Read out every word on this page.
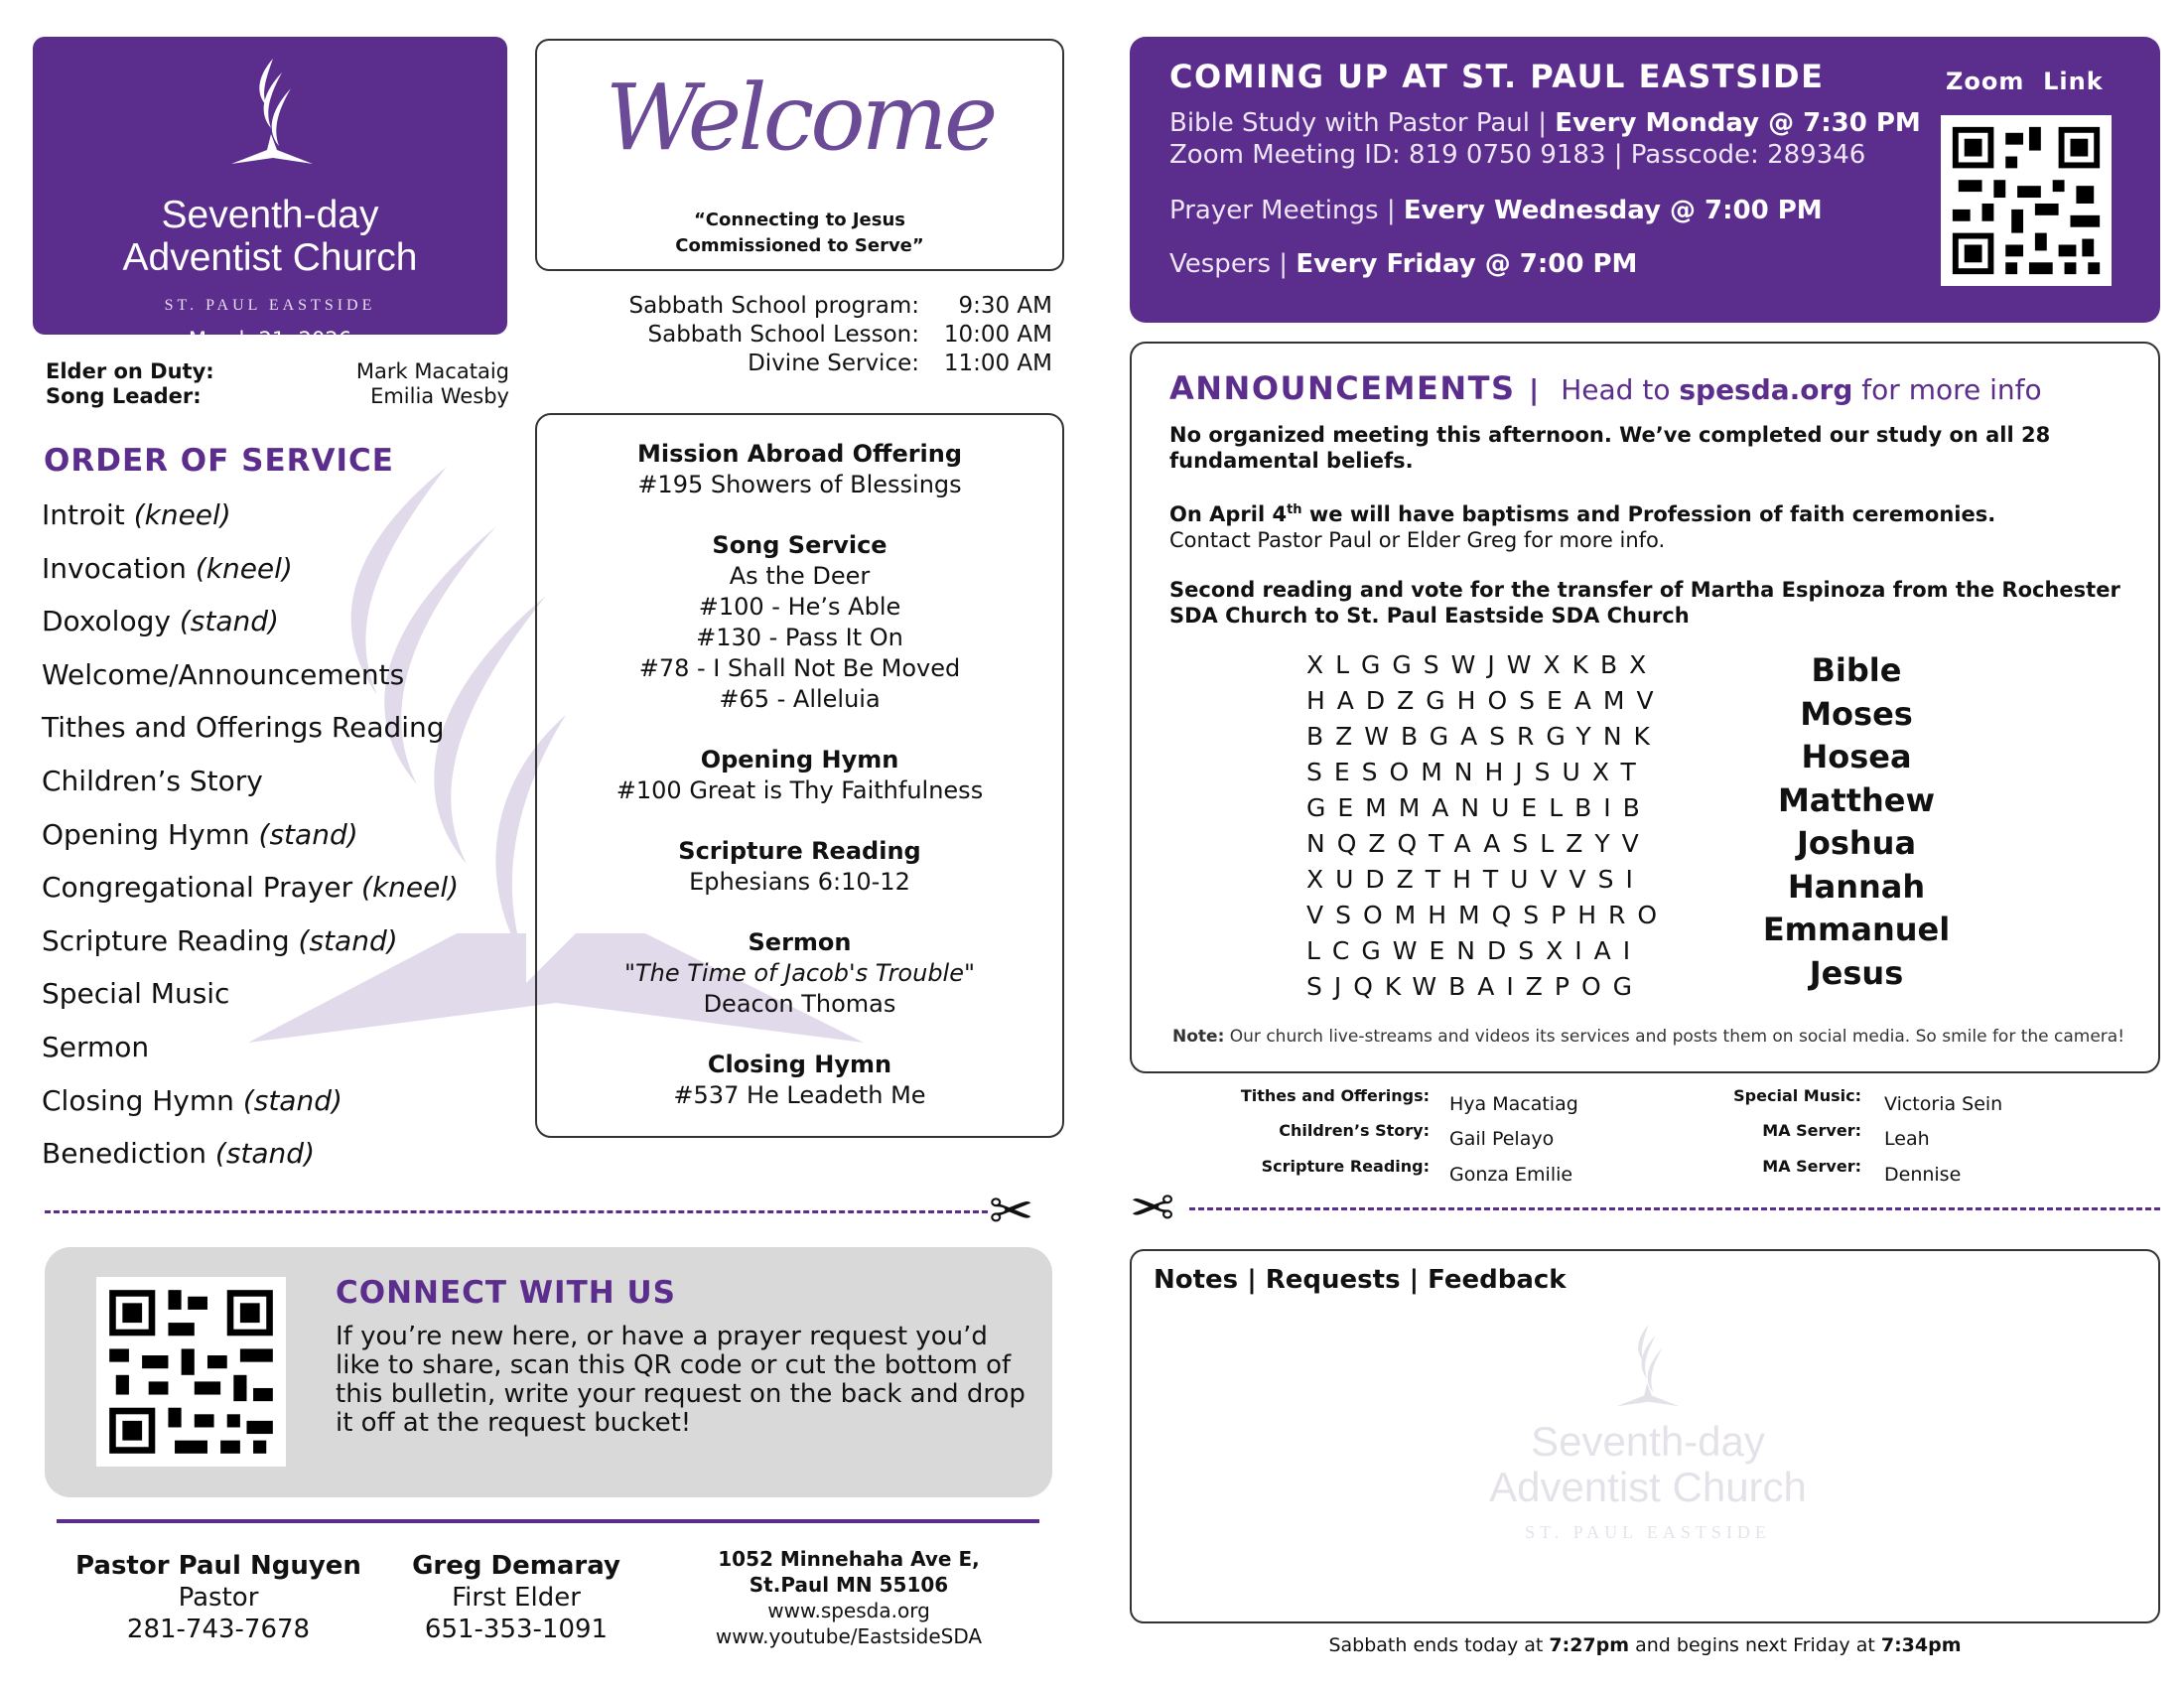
Seventh-day
Adventist Church
ST. PAUL EASTSIDE
March 21, 2026
Welcome
“Connecting to Jesus
Commissioned to Serve”
Sabbath School program:	9:30 AM
Sabbath School Lesson:	10:00 AM
Divine Service:	11:00 AM
Elder on Duty:	Mark Macataig
Song Leader:	Emilia Wesby
ORDER OF SERVICE
Introit (kneel)
Invocation (kneel)
Doxology (stand)
Welcome/Announcements
Tithes and Offerings Reading
Children’s Story
Opening Hymn (stand)
Congregational Prayer (kneel)
Scripture Reading (stand)
Special Music
Sermon
Closing Hymn (stand)
Benediction (stand)
Mission Abroad Offering
#195 Showers of Blessings
Song Service
As the Deer
#100 - He’s Able
#130 - Pass It On
#78 - I Shall Not Be Moved
#65 - Alleluia
Opening Hymn
#100 Great is Thy Faithfulness
Scripture Reading
Ephesians 6:10-12
Sermon
"The Time of Jacob's Trouble"
Deacon Thomas
Closing Hymn
#537 He Leadeth Me
✂
CONNECT WITH US
If you’re new here, or have a prayer request you’d like to share, scan this QR code or cut the bottom of this bulletin, write your request on the back and drop it off at the request bucket!
Pastor Paul Nguyen
Pastor
281-743-7678
Greg Demaray
First Elder
651-353-1091
1052 Minnehaha Ave E,
St.Paul MN 55106
www.spesda.org
www.youtube/EastsideSDA
COMING UP AT ST. PAUL EASTSIDE
Bible Study with Pastor Paul | Every Monday @ 7:30 PM
Zoom Meeting ID: 819 0750 9183 | Passcode: 289346
Prayer Meetings | Every Wednesday @ 7:00 PM
Vespers | Every Friday @ 7:00 PM
Zoom  Link
ANNOUNCEMENTS | Head to spesda.org for more info
No organized meeting this afternoon. We’ve completed our study on all 28 fundamental beliefs.
On April 4th we will have baptisms and Profession of faith ceremonies.
Contact Pastor Paul or Elder Greg for more info.
Second reading and vote for the transfer of Martha Espinoza from the Rochester SDA Church to St. Paul Eastside SDA Church
XLGGSWJWXKBX
HADZGHOSEAMV
BZWBGASRGYNK
SESOMNHJSUXT
GEMMANUELBIB
NQZQTAASLZYV
XUDZTHTUVVSI
VSOMHMQSPHRO
LCGWENDSXIAI
SJQKWBAIZPOG
Bible
Moses
Hosea
Matthew
Joshua
Hannah
Emmanuel
Jesus
Note: Our church live-streams and videos its services and posts them on social media. So smile for the camera!
Tithes and Offerings: Hya Macatiag
Children’s Story: Gail Pelayo
Scripture Reading: Gonza Emilie
Special Music: Victoria Sein
MA Server: Leah
MA Server: Dennise
✂
Notes | Requests | Feedback
Seventh-day
Adventist Church
ST. PAUL EASTSIDE
Sabbath ends today at 7:27pm and begins next Friday at 7:34pm
